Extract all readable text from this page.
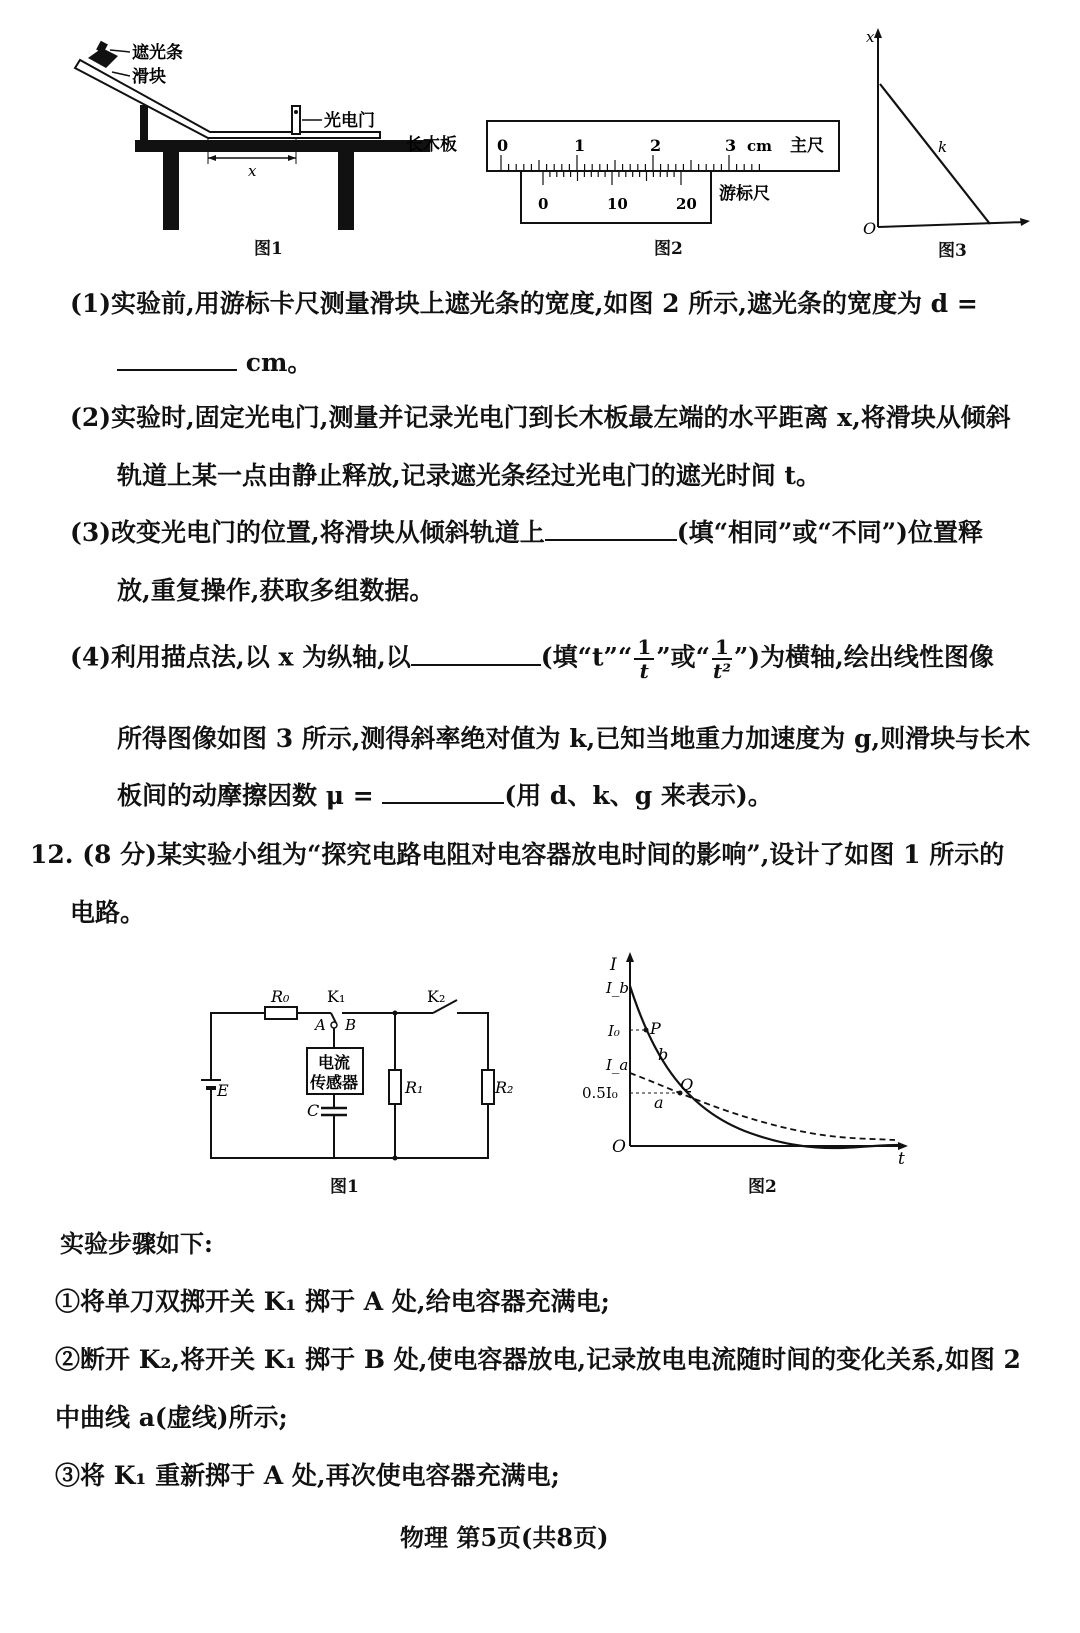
x
遮光条
滑块
光电门
长木板
图1
0	1	2	3 cm 主尺
0	10	20 游标尺
图2
x
O
k
图3
(1)实验前,用游标卡尺测量滑块上遮光条的宽度,如图 2 所示,遮光条的宽度为 d =
cm。
(2)实验时,固定光电门,测量并记录光电门到长木板最左端的水平距离 x,将滑块从倾斜
轨道上某一点由静止释放,记录遮光条经过光电门的遮光时间 t。
(3)改变光电门的位置,将滑块从倾斜轨道上	(填“相同”或“不同”)位置释
放,重复操作,获取多组数据。
(4)利用描点法,以 x 为纵轴,以	(填“t”“ $\frac{1}{t}$ ”或“ $\frac{1}{\text{t²}}$ ”)为横轴,绘出线性图像
所得图像如图 3 所示,测得斜率绝对值为 k,已知当地重力加速度为 g,则滑块与长木
板间的动摩擦因数 μ =	(用 d、k、g 来表示)。
12. (8 分)某实验小组为“探究电路电阻对电容器放电时间的影响”,设计了如图 1 所示的
电路。
R₀ K₁	K₂
A B
电流
传感器
E
C
R₁	R₂
图1
I
t
O
I_b
I₀
I_a
0.5I₀
P
Q
b
a
图2
实验步骤如下:
①将单刀双掷开关 K₁ 掷于 A 处,给电容器充满电;
②断开 K₂,将开关 K₁ 掷于 B 处,使电容器放电,记录放电电流随时间的变化关系,如图 2
中曲线 a(虚线)所示;
③将 K₁ 重新掷于 A 处,再次使电容器充满电;
物理 第5页(共8页)
